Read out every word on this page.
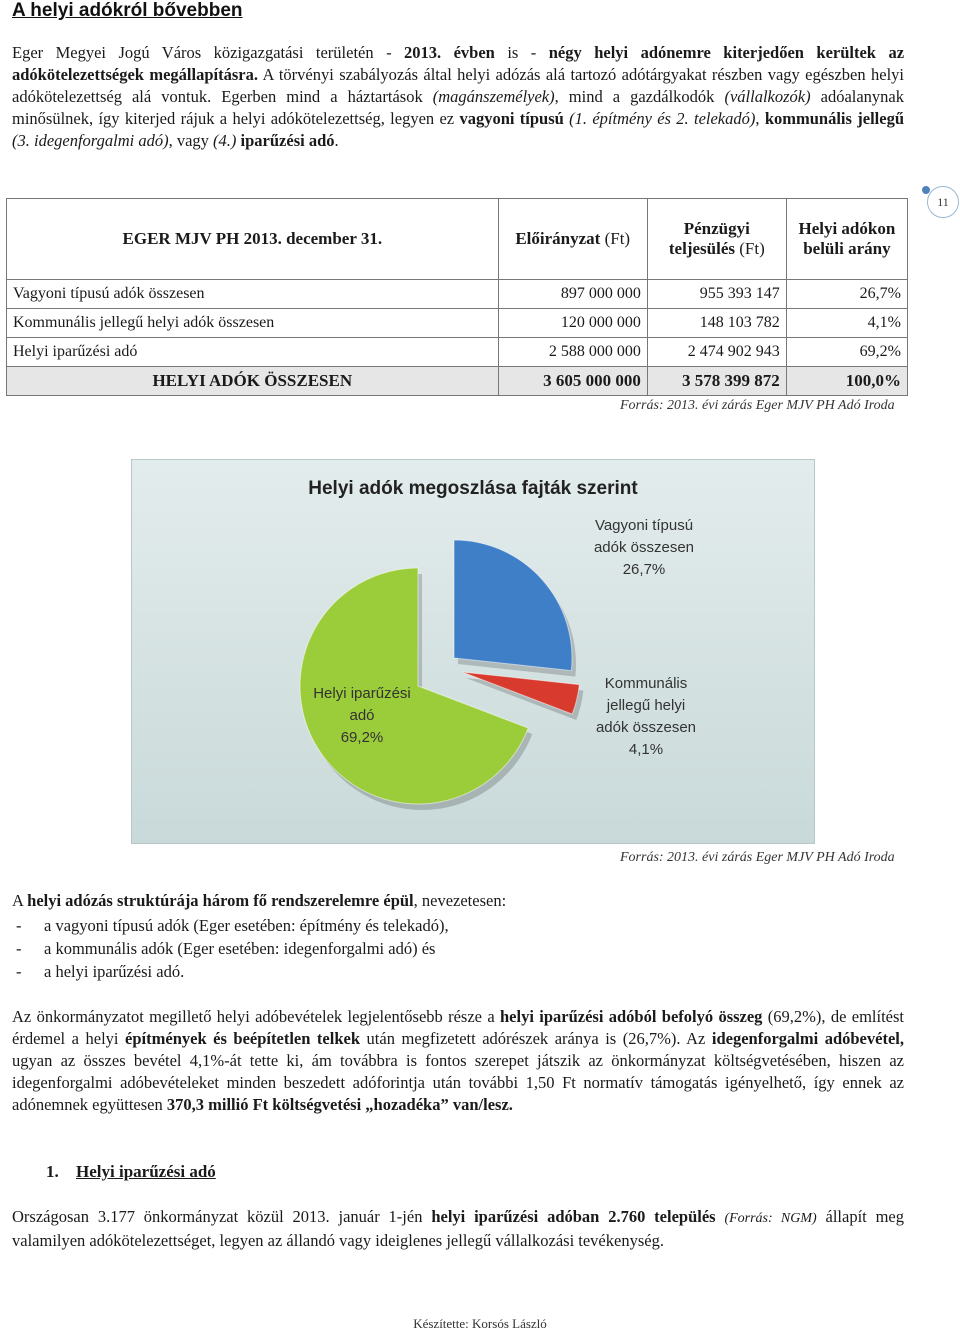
A helyi adókról bővebben
Eger Megyei Jogú Város közigazgatási területén - 2013. évben is - négy helyi adónemre kiterjedően kerültek az adókötelezettségek megállapításra. A törvényi szabályozás által helyi adózás alá tartozó adótárgyakat részben vagy egészben helyi adókötelezettség alá vontuk. Egerben mind a háztartások (magánszemélyek), mind a gazdálkodók (vállalkozók) adóalanynak minősülnek, így kiterjed rájuk a helyi adókötelezettség, legyen ez vagyoni típusú (1. építmény és 2. telekadó), kommunális jellegű (3. idegenforgalmi adó), vagy (4.) iparűzési adó.
11
EGER MJV PH 2013. december 31.	Előirányzat (Ft)	Pénzügyi teljesülés (Ft)	Helyi adókon belüli arány
Vagyoni típusú adók összesen	897 000 000	955 393 147	26,7%
Kommunális jellegű helyi adók összesen	120 000 000	148 103 782	4,1%
Helyi iparűzési adó	2 588 000 000	2 474 902 943	69,2%
HELYI ADÓK ÖSSZESEN	3 605 000 000	3 578 399 872	100,0%
Forrás: 2013. évi zárás Eger MJV PH Adó Iroda
Helyi adók megoszlása fajták szerint
Vagyoni típusú adók összesen 26,7%
Kommunális jellegű helyi adók összesen 4,1%
Helyi iparűzési adó 69,2%
Forrás: 2013. évi zárás Eger MJV PH Adó Iroda
A helyi adózás struktúrája három fő rendszerelemre épül, nevezetesen:
- a vagyoni típusú adók (Eger esetében: építmény és telekadó),
- a kommunális adók (Eger esetében: idegenforgalmi adó) és
- a helyi iparűzési adó.
Az önkormányzatot megillető helyi adóbevételek legjelentősebb része a helyi iparűzési adóból befolyó összeg (69,2%), de említést érdemel a helyi építmények és beépítetlen telkek után megfizetett adórészek aránya is (26,7%). Az idegenforgalmi adóbevétel, ugyan az összes bevétel 4,1%-át tette ki, ám továbbra is fontos szerepet játszik az önkormányzat költségvetésében, hiszen az idegenforgalmi adóbevételeket minden beszedett adóforintja után további 1,50 Ft normatív támogatás igényelhető, így ennek az adónemnek együttesen 370,3 millió Ft költségvetési „hozadéka” van/lesz.
1. Helyi iparűzési adó
Országosan 3.177 önkormányzat közül 2013. január 1-jén helyi iparűzési adóban 2.760 település (Forrás: NGM) állapít meg valamilyen adókötelezettséget, legyen az állandó vagy ideiglenes jellegű vállalkozási tevékenység.
Készítette: Korsós László
